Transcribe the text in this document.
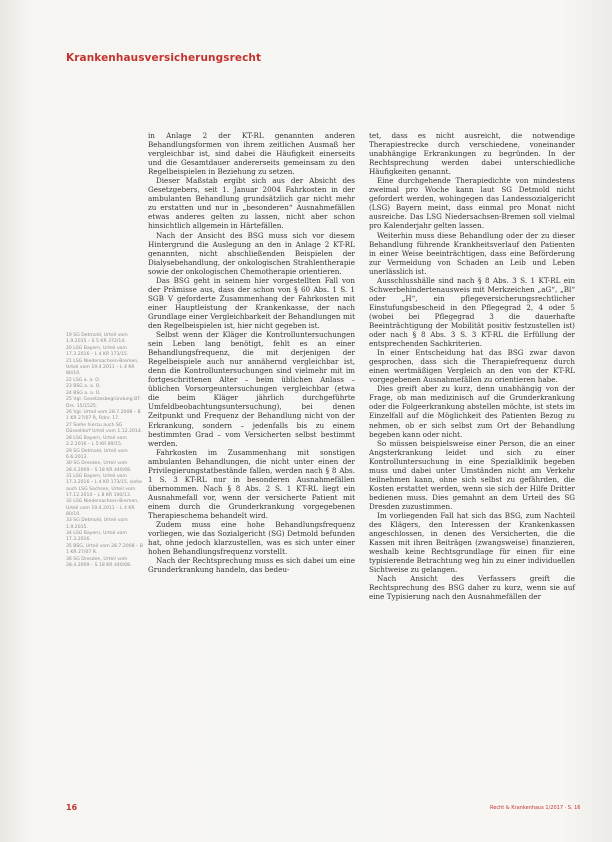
Krankenhausversicherungsrecht
19 SG Detmold, Urteil vom 1.9.2015 – S 5 KR 372/14.
20 LSG Bayern, Urteil vom 17.3.2016 – L 4 KR 173/15.
21 LSG Niedersachsen-Bremen, Urteil vom 19.4.2011 – L 4 KR 80/10.
22 LSG a. a. O.
23 BSG a. a. O.
24 BSG a. a. O.
25 Vgl. Gesetzesbegründung BT-Drs. 15/1525.
26 Vgl. Urteil vom 28.7.2008 – B 1 KR 27/07 R, Rdnr. 17.
27 Siehe hierzu auch SG Düsseldorf Urteil vom 1.12.2014.
28 LSG Bayern, Urteil vom 2.2.2016 – L 5 KR 89/15.
29 SG Detmold, Urteil vom 6.6.2013.
30 SG Dresden, Urteil vom 28.4.2009 – S 18 KR 440/08.
31 LSG Bayern, Urteil vom 17.3.2016 – L 4 KR 173/15, siehe auch LSG Sachsen, Urteil vom 17.12.2014 – L 8 KR 100/13.
32 LSG Niedersachsen-Bremen, Urteil vom 19.4.2011 – L 4 KR 80/10.
33 SG Detmold, Urteil vom 1.9.2015.
34 LSG Bayern, Urteil vom 17.3.2016.
35 BSG, Urteil vom 28.7.2008 – B 1 KR 27/07 R.
36 SG Dresden, Urteil vom 28.4.2009 – S 18 KR 440/08.

in Anlage 2 der KT-RL genannten anderen Behandlungsformen von ihrem zeitlichen Ausmaß her vergleichbar ist, sind dabei die Häufigkeit einerseits und die Gesamtdauer andererseits gemeinsam zu den Regelbeispielen in Beziehung zu setzen.

Dieser Maßstab ergibt sich aus der Absicht des Gesetzgebers, seit 1. Januar 2004 Fahrkosten in der ambulanten Behandlung grundsätzlich gar nicht mehr zu erstatten und nur in „besonderen“ Ausnahmefällen etwas anderes gelten zu lassen, nicht aber schon hinsichtlich allgemein in Härtefällen.

Nach der Ansicht des BSG muss sich vor diesem Hintergrund die Auslegung an den in Anlage 2 KT-RL genannten, nicht abschließenden Beispielen der Dialysebehandlung, der onkologischen Strahlentherapie sowie der onkologischen Chemotherapie orientieren.

Das BSG geht in seinem hier vorgestellten Fall von der Prämisse aus, dass der schon von § 60 Abs. 1 S. 1 SGB V geforderte Zusammenhang der Fahrkosten mit einer Hauptleistung der Krankenkasse, der nach Grundlage einer Vergleichbarkeit der Behandlungen mit den Regelbeispielen ist, hier nicht gegeben ist.

Selbst wenn der Kläger die Kontrolluntersuchungen sein Leben lang benötigt, fehlt es an einer Behandlungsfrequenz, die mit derjenigen der Regelbeispiele auch nur annähernd vergleichbar ist, denn die Kontrolluntersuchungen sind vielmehr mit im fortgeschrittenen Alter – beim üblichen Anlass – üblichen Vorsorgeuntersuchungen vergleichbar (etwa die beim Kläger jährlich durchgeführte Umfeldbeobachtungsuntersuchung), bei denen Zeitpunkt und Frequenz der Behandlung nicht von der Erkrankung, sondern – jedenfalls bis zu einem bestimmten Grad – vom Versicherten selbst bestimmt werden.

Fahrkosten im Zusammenhang mit sonstigen ambulanten Behandlungen, die nicht unter einen der Privilegierungstatbestände fallen, werden nach § 8 Abs. 1 S. 3 KT-RL nur in besonderen Ausnahmefällen übernommen. Nach § 8 Abs. 2 S. 1 KT-RL liegt ein Ausnahmefall vor, wenn der versicherte Patient mit einem durch die Grunderkrankung vorgegebenen Therapieschema behandelt wird.

Zudem muss eine hohe Behandlungsfrequenz vorliegen, wie das Sozialgericht (SG) Detmold befunden hat, ohne jedoch klarzustellen, was es sich unter einer hohen Behandlungsfrequenz vorstellt.

Nach der Rechtsprechung muss es sich dabei um eine Grunderkrankung handeln, das bedeu-

tet, dass es nicht ausreicht, die notwendige Therapiestrecke durch verschiedene, voneinander unabhängige Erkrankungen zu begründen. In der Rechtsprechung werden dabei unterschiedliche Häufigkeiten genannt.

Eine durchgehende Therapiedichte von mindestens zweimal pro Woche kann laut SG Detmold nicht gefordert werden, wohingegen das Landessozialgericht (LSG) Bayern meint, dass einmal pro Monat nicht ausreiche. Das LSG Niedersachsen-Bremen soll vielmal pro Kalenderjahr gelten lassen.

Weiterhin muss diese Behandlung oder der zu dieser Behandlung führende Krankheitsverlauf den Patienten in einer Weise beeinträchtigen, dass eine Beförderung zur Vermeidung von Schaden an Leib und Leben unerlässlich ist.

Ausschlusshälle sind nach § 8 Abs. 3 S. 1 KT-RL ein Schwerbehindertenausweis mit Merkzeichen „aG“, „Bl“ oder „H“, ein pflegeversicherungsrechtlicher Einstufungsbescheid in den Pflegegrad 2, 4 oder 5 (wobei bei Pflegegrad 3 die dauerhafte Beeinträchtigung der Mobilität positiv festzustellen ist) oder nach § 8 Abs. 3 S. 3 KT-RL die Erfüllung der entsprechenden Sachkriterien.

In einer Entscheidung hat das BSG zwar davon gesprochen, dass sich die Therapiefrequenz durch einen wertmäßigen Vergleich an den von der KT-RL vorgegebenen Ausnahmefällen zu orientieren habe.

Dies greift aber zu kurz, denn unabhängig von der Frage, ob man medizinisch auf die Grunderkrankung oder die Folgeerkrankung abstellen möchte, ist stets im Einzelfall auf die Möglichkeit des Patienten Bezug zu nehmen, ob er sich selbst zum Ort der Behandlung begeben kann oder nicht.

So müssen beispielsweise einer Person, die an einer Angsterkrankung leidet und sich zu einer Kontrolluntersuchung in eine Spezialklinik begeben muss und dabei unter Umständen nicht am Verkehr teilnehmen kann, ohne sich selbst zu gefährden, die Kosten erstattet werden, wenn sie sich der Hilfe Dritter bedienen muss. Dies gemahnt an dem Urteil des SG Dresden zuzustimmen.

Im vorliegenden Fall hat sich das BSG, zum Nachteil des Klägers, den Interessen der Krankenkassen angeschlossen, in denen des Versicherten, die die Kassen mit ihren Beiträgen (zwangsweise) finanzieren, weshalb keine Rechtsgrundlage für einen für eine typisierende Betrachtung weg hin zu einer individuellen Sichtweise zu gelangen.

Nach Ansicht des Verfassers greift die Rechtsprechung des BSG daher zu kurz, wenn sie auf eine Typisierung nach den Ausnahmefällen der

16	Recht & Krankenhaus 1/2017 · S. 16
